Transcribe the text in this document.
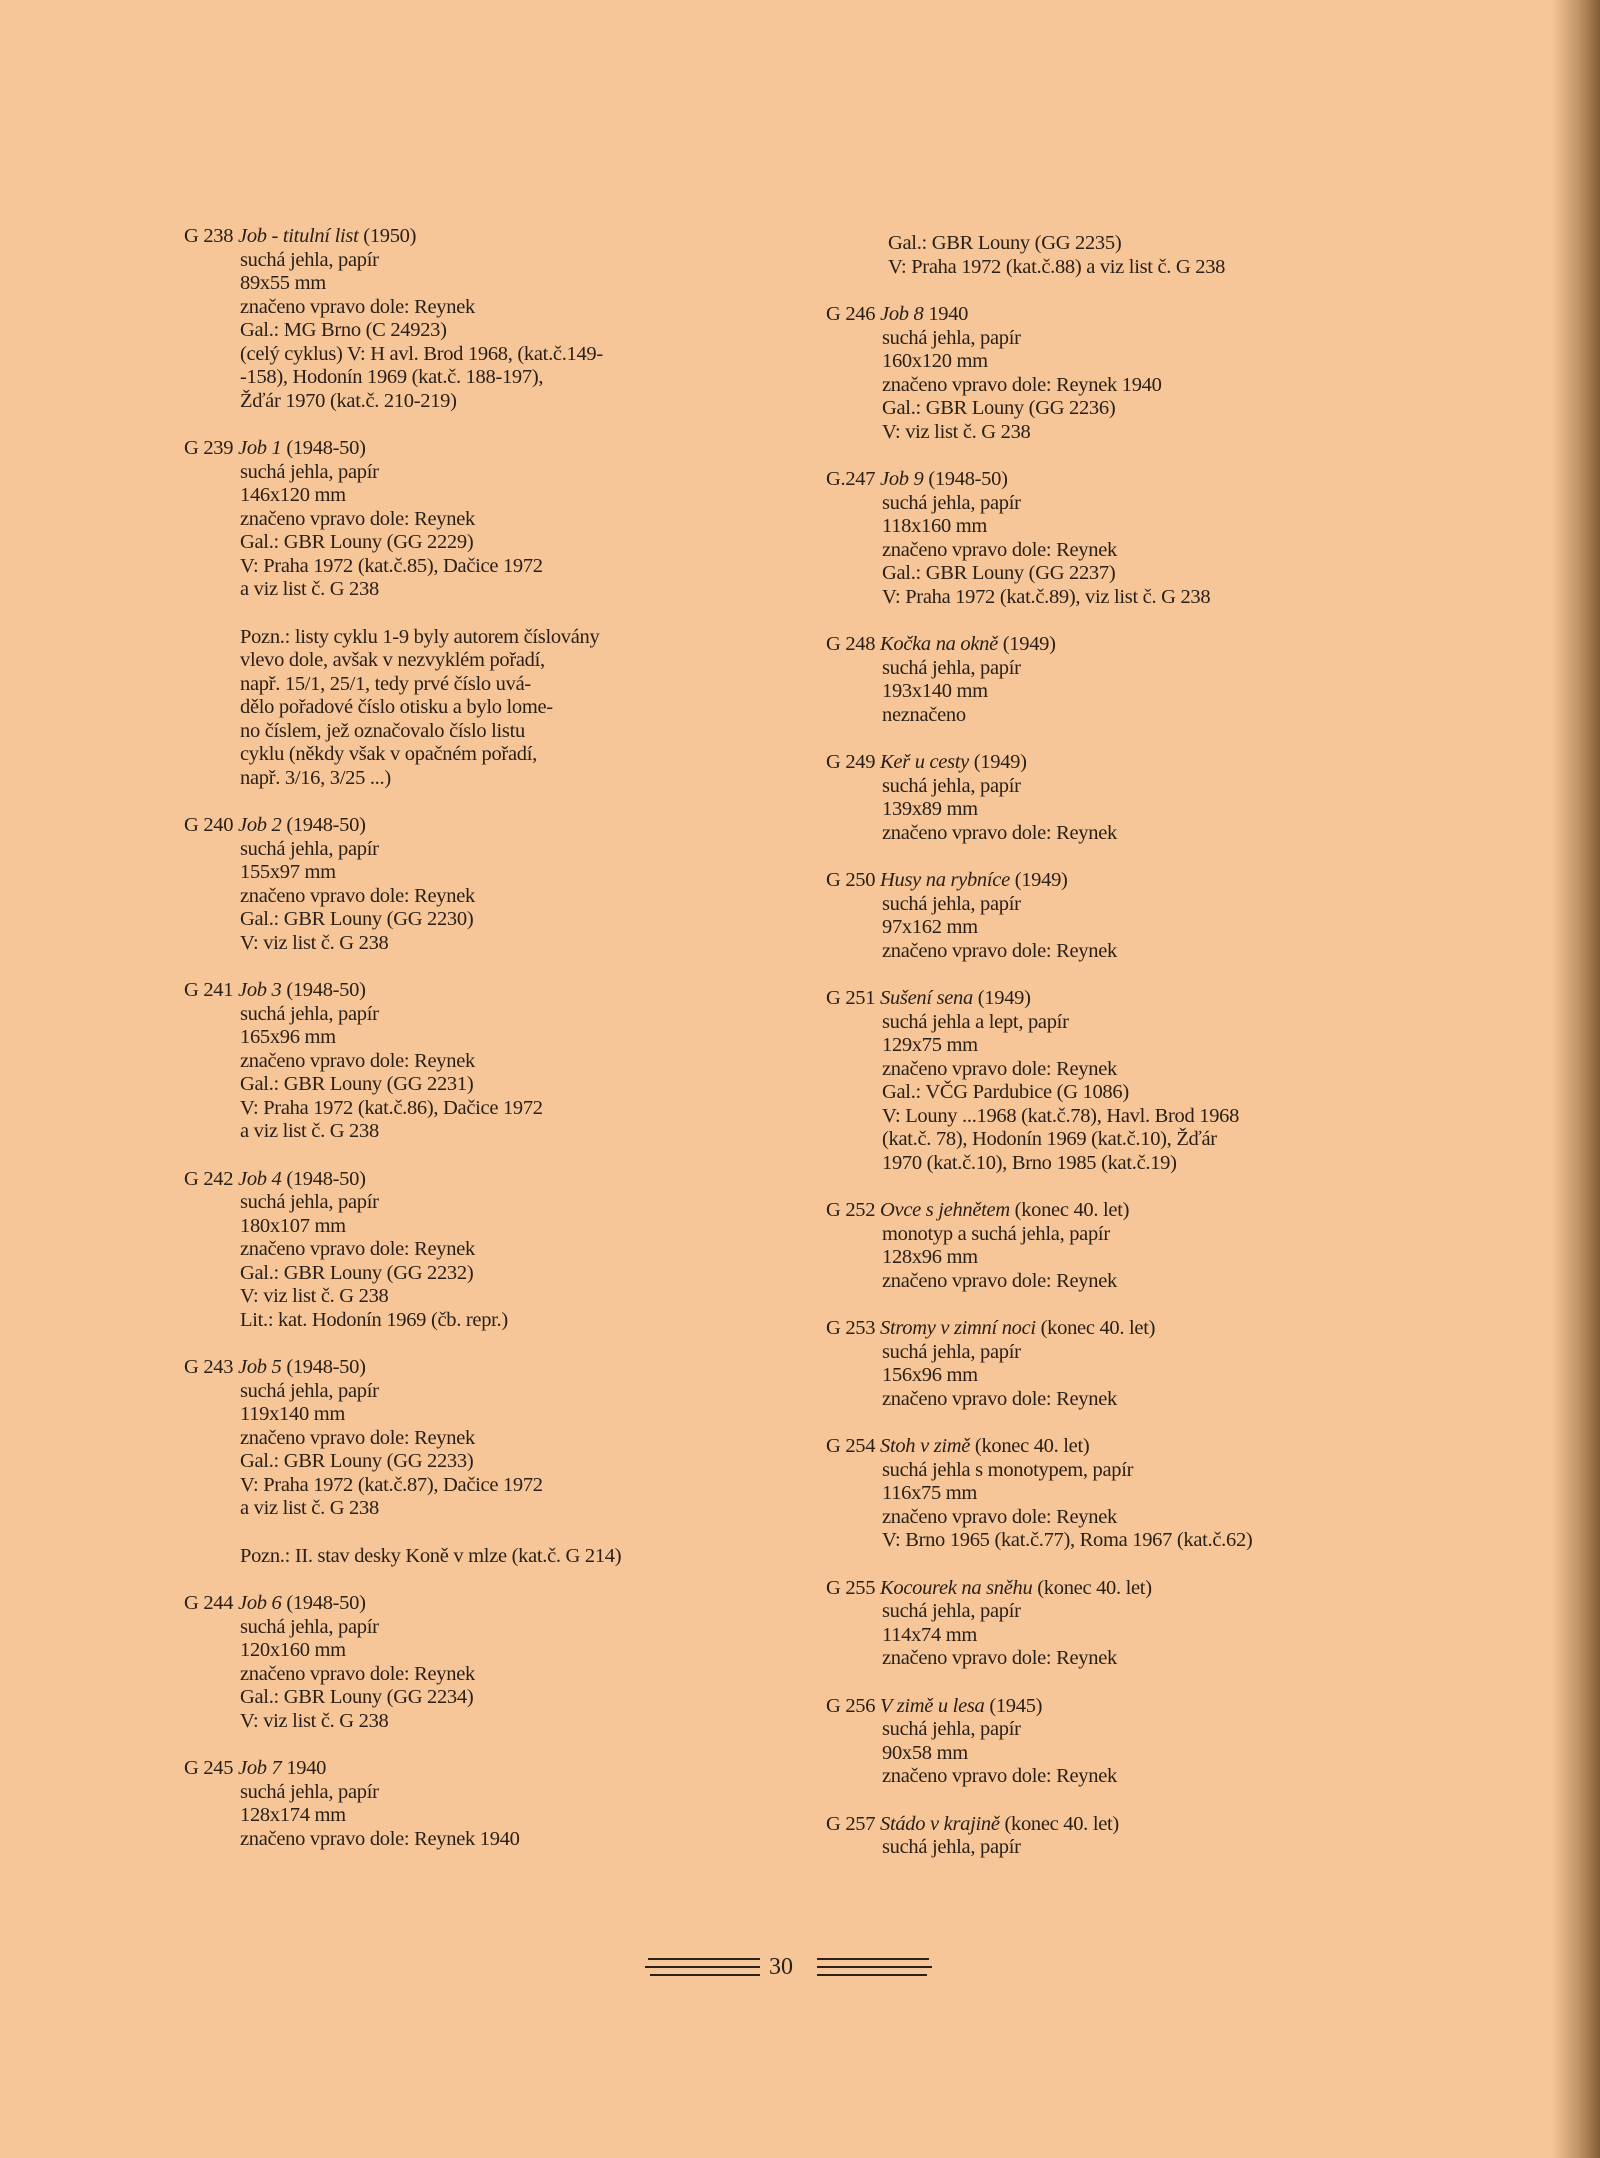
G 238 Job - titulní list (1950)
suchá jehla, papír
89x55 mm
značeno vpravo dole: Reynek
Gal.: MG Brno (C 24923)
(celý cyklus) V: H avl. Brod 1968, (kat.č.149-
-158), Hodonín 1969 (kat.č. 188-197),
Žďár 1970 (kat.č. 210-219)
G 239 Job 1 (1948-50)
suchá jehla, papír
146x120 mm
značeno vpravo dole: Reynek
Gal.: GBR Louny (GG 2229)
V: Praha 1972 (kat.č.85), Dačice 1972
a viz list č. G 238
Pozn.: listy cyklu 1-9 byly autorem číslovány
vlevo dole, avšak v nezvyklém pořadí,
např. 15/1, 25/1, tedy prvé číslo uvá-
dělo pořadové číslo otisku a bylo lome-
no číslem, jež označovalo číslo listu
cyklu (někdy však v opačném pořadí,
např. 3/16, 3/25 ...)
G 240 Job 2 (1948-50)
suchá jehla, papír
155x97 mm
značeno vpravo dole: Reynek
Gal.: GBR Louny (GG 2230)
V: viz list č. G 238
G 241 Job 3 (1948-50)
suchá jehla, papír
165x96 mm
značeno vpravo dole: Reynek
Gal.: GBR Louny (GG 2231)
V: Praha 1972 (kat.č.86), Dačice 1972
a viz list č. G 238
G 242 Job 4 (1948-50)
suchá jehla, papír
180x107 mm
značeno vpravo dole: Reynek
Gal.: GBR Louny (GG 2232)
V: viz list č. G 238
Lit.: kat. Hodonín 1969 (čb. repr.)
G 243 Job 5 (1948-50)
suchá jehla, papír
119x140 mm
značeno vpravo dole: Reynek
Gal.: GBR Louny (GG 2233)
V: Praha 1972 (kat.č.87), Dačice 1972
a viz list č. G 238
Pozn.: II. stav desky Koně v mlze (kat.č. G 214)
G 244 Job 6 (1948-50)
suchá jehla, papír
120x160 mm
značeno vpravo dole: Reynek
Gal.: GBR Louny (GG 2234)
V: viz list č. G 238
G 245 Job 7 1940
suchá jehla, papír
128x174 mm
značeno vpravo dole: Reynek 1940
Gal.: GBR Louny (GG 2235)
V: Praha 1972 (kat.č.88) a viz list č. G 238
G 246 Job 8 1940
suchá jehla, papír
160x120 mm
značeno vpravo dole: Reynek 1940
Gal.: GBR Louny (GG 2236)
V: viz list č. G 238
G.247 Job 9 (1948-50)
suchá jehla, papír
118x160 mm
značeno vpravo dole: Reynek
Gal.: GBR Louny (GG 2237)
V: Praha 1972 (kat.č.89), viz list č. G 238
G 248 Kočka na okně (1949)
suchá jehla, papír
193x140 mm
neznačeno
G 249 Keř u cesty (1949)
suchá jehla, papír
139x89 mm
značeno vpravo dole: Reynek
G 250 Husy na rybníce (1949)
suchá jehla, papír
97x162 mm
značeno vpravo dole: Reynek
G 251 Sušení sena (1949)
suchá jehla a lept, papír
129x75 mm
značeno vpravo dole: Reynek
Gal.: VČG Pardubice (G 1086)
V: Louny ...1968 (kat.č.78), Havl. Brod 1968
(kat.č. 78), Hodonín 1969 (kat.č.10), Žďár
1970 (kat.č.10), Brno 1985 (kat.č.19)
G 252 Ovce s jehnětem (konec 40. let)
monotyp a suchá jehla, papír
128x96 mm
značeno vpravo dole: Reynek
G 253 Stromy v zimní noci (konec 40. let)
suchá jehla, papír
156x96 mm
značeno vpravo dole: Reynek
G 254 Stoh v zimě (konec 40. let)
suchá jehla s monotypem, papír
116x75 mm
značeno vpravo dole: Reynek
V: Brno 1965 (kat.č.77), Roma 1967 (kat.č.62)
G 255 Kocourek na sněhu (konec 40. let)
suchá jehla, papír
114x74 mm
značeno vpravo dole: Reynek
G 256 V zimě u lesa (1945)
suchá jehla, papír
90x58 mm
značeno vpravo dole: Reynek
G 257 Stádo v krajině (konec 40. let)
suchá jehla, papír
30
